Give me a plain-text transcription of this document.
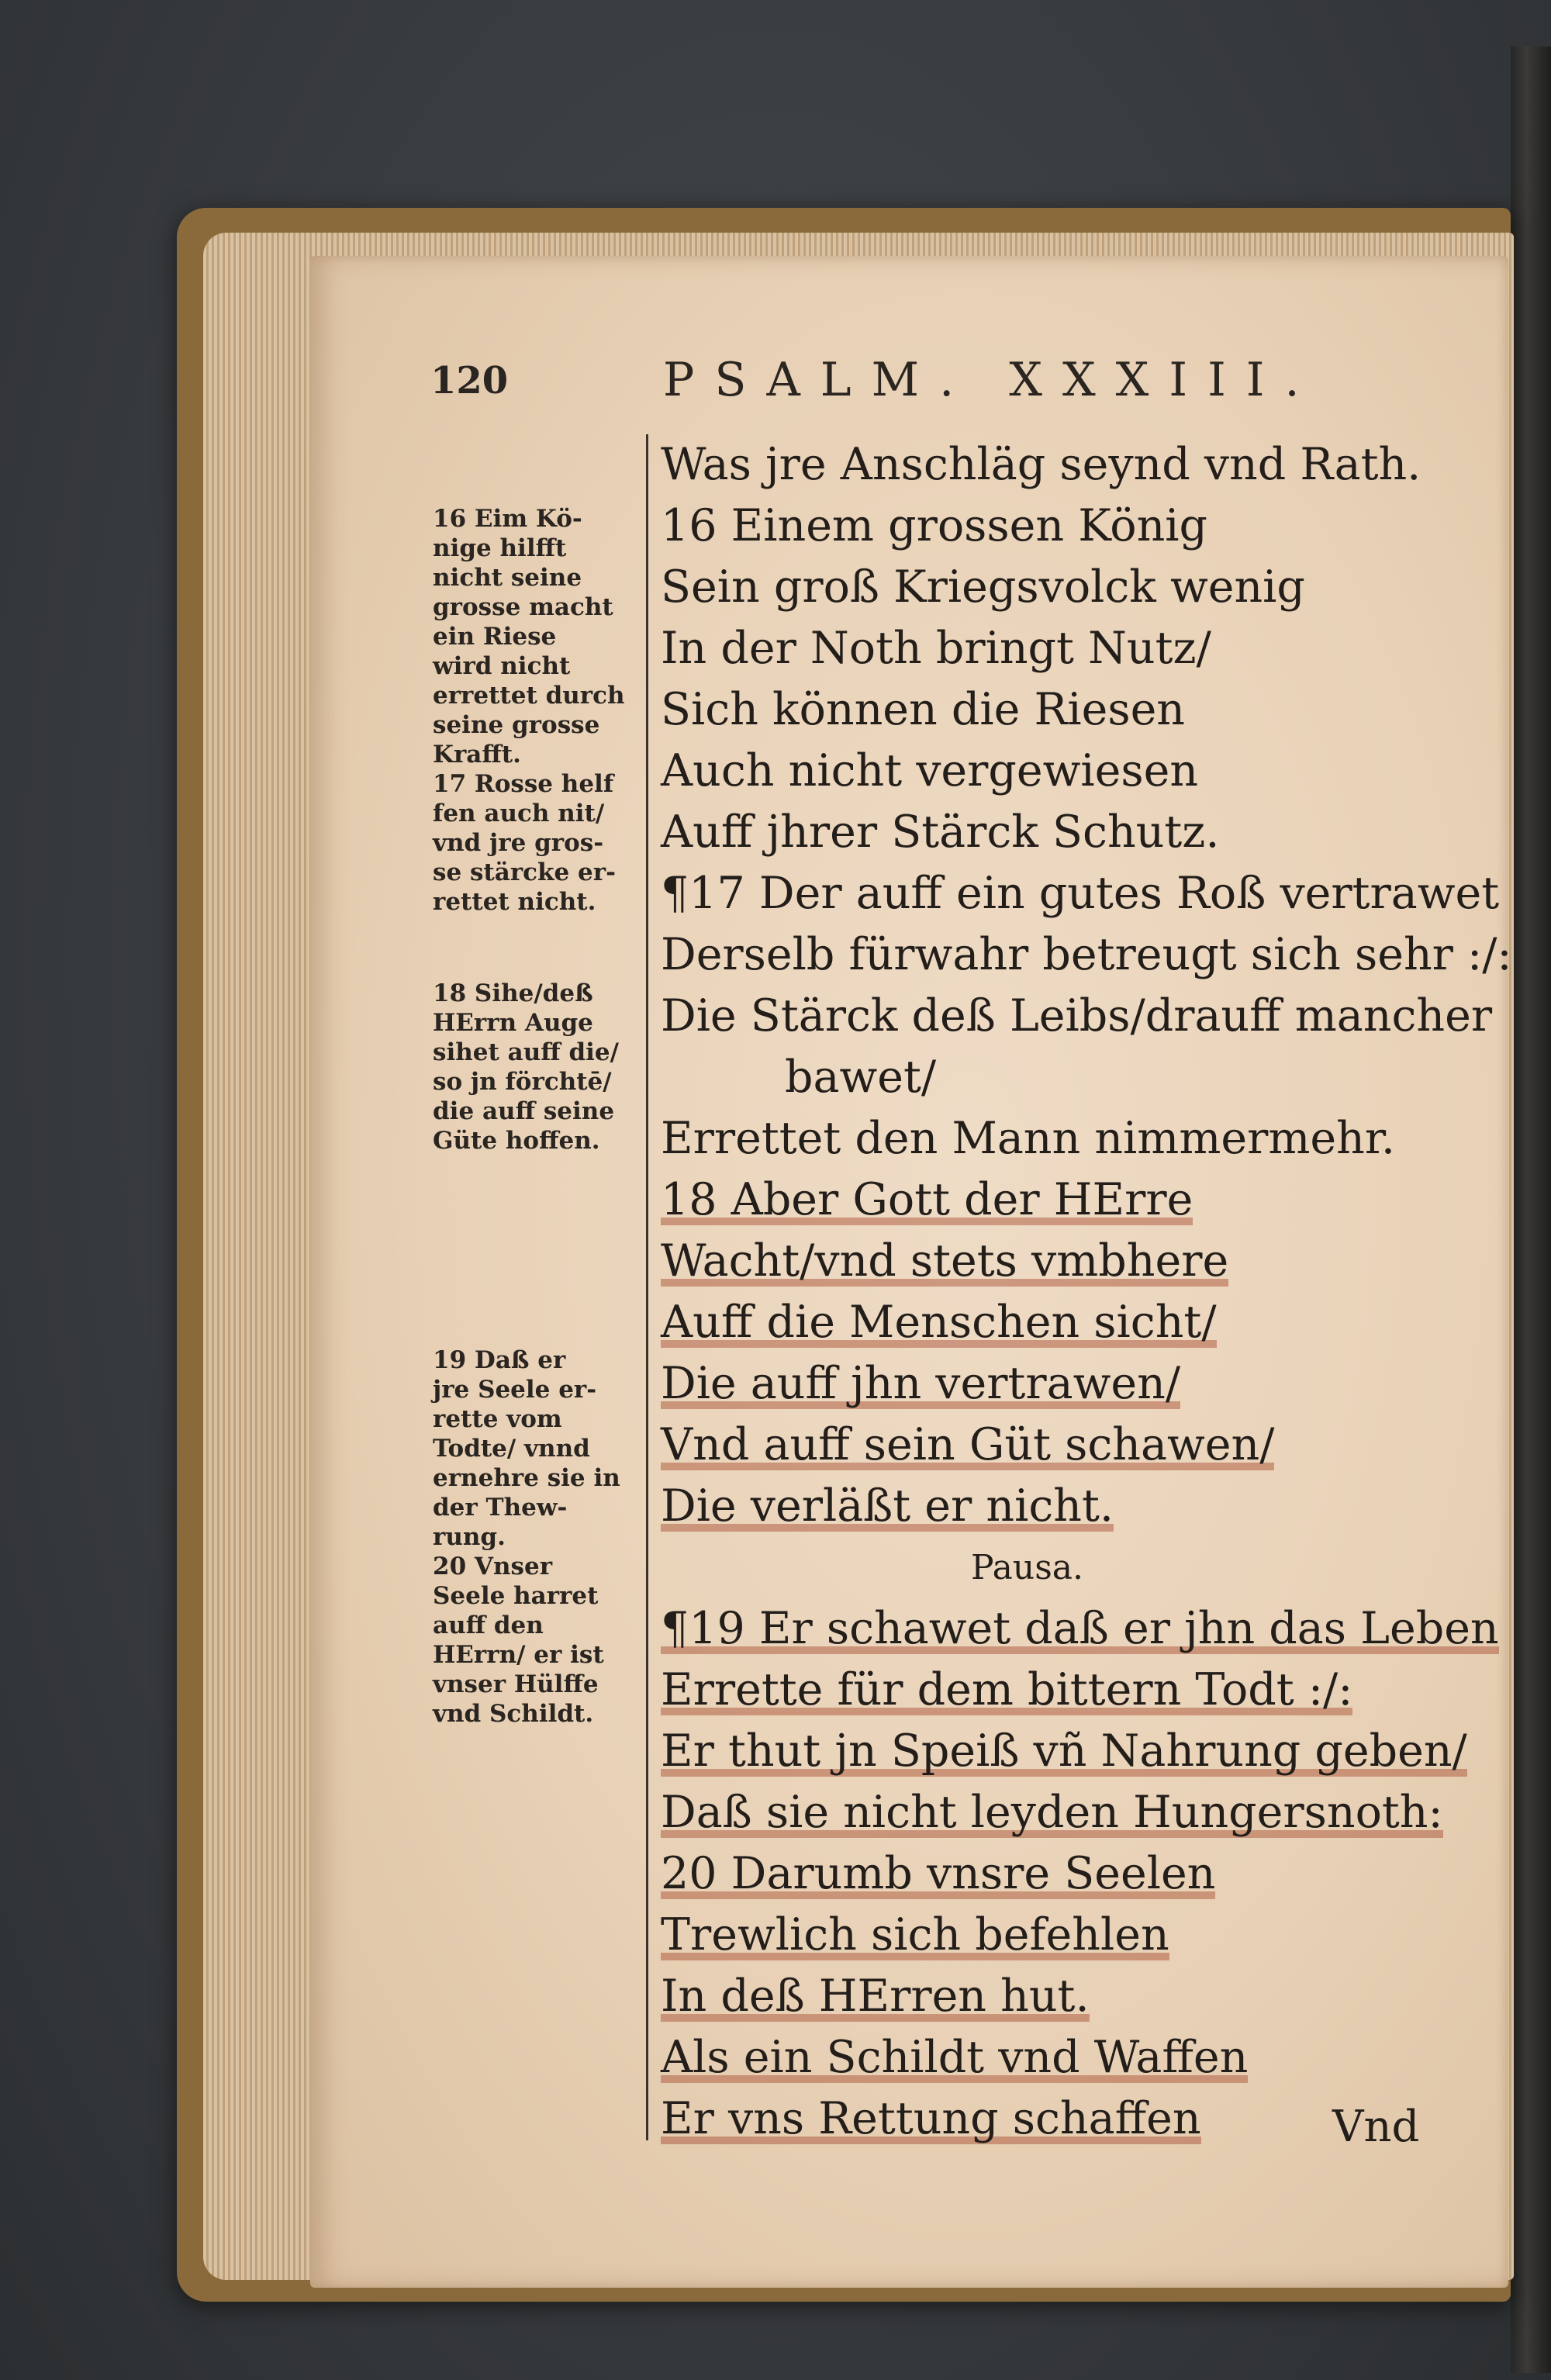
120	PSALM. XXXIII.
16 Eim Kö-
nige hilfft
nicht seine
grosse macht
ein Riese
wird nicht
errettet durch
seine grosse
Krafft.
17 Rosse helf
fen auch nit/
vnd jre gros-
se stärcke er-
rettet nicht.
18 Sihe/deß
HErrn Auge
sihet auff die/
so jn förchtē/
die auff seine
Güte hoffen.
19 Daß er
jre Seele er-
rette vom
Todte/ vnnd
ernehre sie in
der Thew-
rung.
20 Vnser
Seele harret
auff den
HErrn/ er ist
vnser Hülffe
vnd Schildt.
Was jre Anschläg seynd vnd Rath.
16 Einem grossen König
Sein groß Kriegsvolck wenig
In der Noth bringt Nutz/
Sich können die Riesen
Auch nicht vergewiesen
Auff jhrer Stärck Schutz.
¶17 Der auff ein gutes Roß vertrawet
Derselb fürwahr betreugt sich sehr :/:
Die Stärck deß Leibs/drauff mancher
bawet/
Errettet den Mann nimmermehr.
18 Aber Gott der HErre
Wacht/vnd stets vmbhere
Auff die Menschen sicht/
Die auff jhn vertrawen/
Vnd auff sein Güt schawen/
Die verläßt er nicht.
Pausa.
¶19 Er schawet daß er jhn das Leben
Errette für dem bittern Todt :/:
Er thut jn Speiß vñ Nahrung geben/
Daß sie nicht leyden Hungersnoth:
20 Darumb vnsre Seelen
Trewlich sich befehlen
In deß HErren hut.
Als ein Schildt vnd Waffen
Er vns Rettung schaffen	Vnd
